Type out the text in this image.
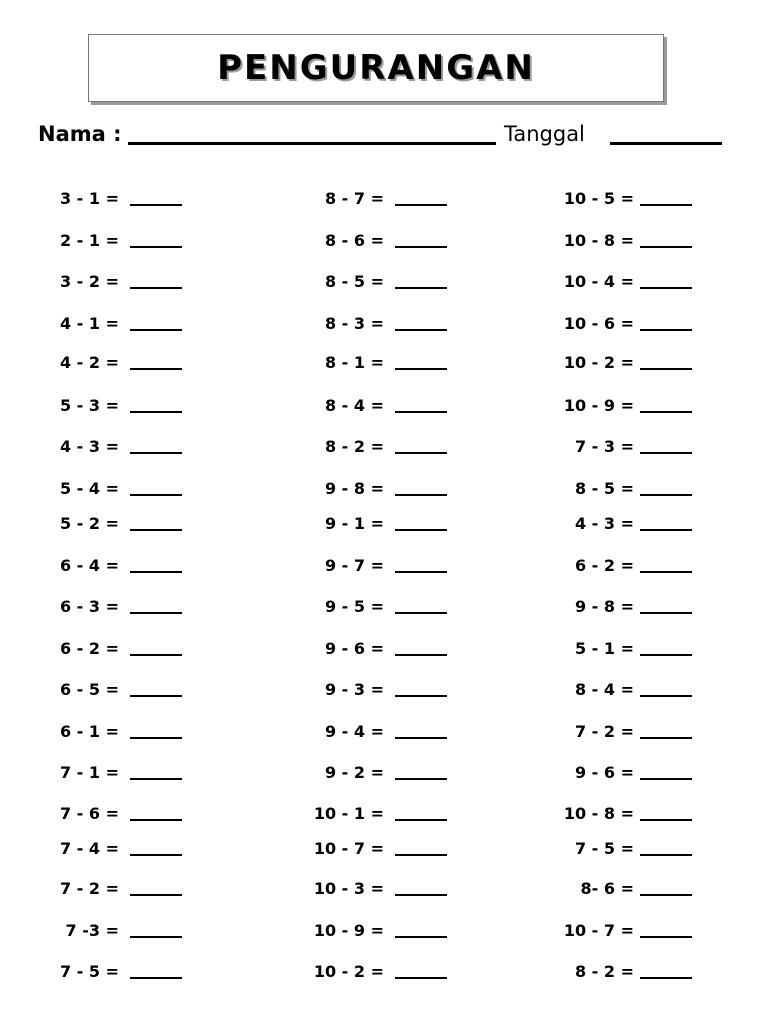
PENGURANGAN
Nama :	Tanggal
3 - 1 =
2 - 1 =
3 - 2 =
4 - 1 =
4 - 2 =
5 - 3 =
4 - 3 =
5 - 4 =
5 - 2 =
6 - 4 =
6 - 3 =
6 - 2 =
6 - 5 =
6 - 1 =
7 - 1 =
7 - 6 =
7 - 4 =
7 - 2 =
7 -3 =
7 - 5 =
8 - 7 =
8 - 6 =
8 - 5 =
8 - 3 =
8 - 1 =
8 - 4 =
8 - 2 =
9 - 8 =
9 - 1 =
9 - 7 =
9 - 5 =
9 - 6 =
9 - 3 =
9 - 4 =
9 - 2 =
10 - 1 =
10 - 7 =
10 - 3 =
10 - 9 =
10 - 2 =
10 - 5 =
10 - 8 =
10 - 4 =
10 - 6 =
10 - 2 =
10 - 9 =
7 - 3 =
8 - 5 =
4 - 3 =
6 - 2 =
9 - 8 =
5 - 1 =
8 - 4 =
7 - 2 =
9 - 6 =
10 - 8 =
7 - 5 =
8- 6 =
10 - 7 =
8 - 2 =
